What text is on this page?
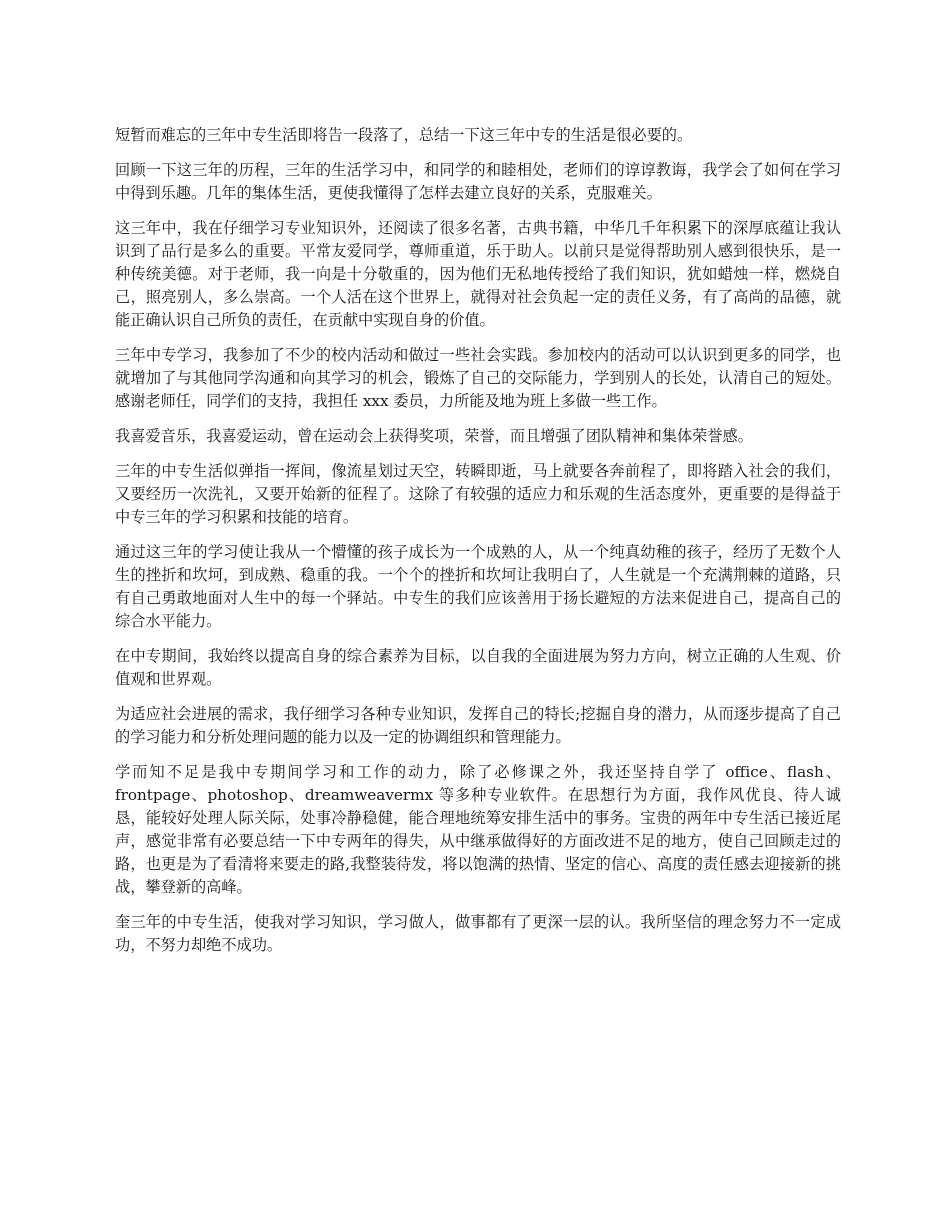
短暂而难忘的三年中专生活即将告一段落了，总结一下这三年中专的生活是很必要的。

回顾一下这三年的历程，三年的生活学习中，和同学的和睦相处，老师们的谆谆教诲，我学会了如何在学习中得到乐趣。几年的集体生活，更使我懂得了怎样去建立良好的关系，克服难关。

这三年中，我在仔细学习专业知识外，还阅读了很多名著，古典书籍，中华几千年积累下的深厚底蕴让我认识到了品行是多么的重要。平常友爱同学，尊师重道，乐于助人。以前只是觉得帮助别人感到很快乐，是一种传统美德。对于老师，我一向是十分敬重的，因为他们无私地传授给了我们知识，犹如蜡烛一样，燃烧自己，照亮别人，多么崇高。一个人活在这个世界上，就得对社会负起一定的责任义务，有了高尚的品德，就能正确认识自己所负的责任，在贡献中实现自身的价值。

三年中专学习，我参加了不少的校内活动和做过一些社会实践。参加校内的活动可以认识到更多的同学，也就增加了与其他同学沟通和向其学习的机会，锻炼了自己的交际能力，学到别人的长处，认清自己的短处。感谢老师任，同学们的支持，我担任 xxx 委员，力所能及地为班上多做一些工作。

我喜爱音乐，我喜爱运动，曾在运动会上获得奖项，荣誉，而且增强了团队精神和集体荣誉感。

三年的中专生活似弹指一挥间，像流星划过天空，转瞬即逝，马上就要各奔前程了，即将踏入社会的我们，又要经历一次洗礼，又要开始新的征程了。这除了有较强的适应力和乐观的生活态度外，更重要的是得益于中专三年的学习积累和技能的培育。

通过这三年的学习使让我从一个懵懂的孩子成长为一个成熟的人，从一个纯真幼稚的孩子，经历了无数个人生的挫折和坎坷，到成熟、稳重的我。一个个的挫折和坎坷让我明白了，人生就是一个充满荆棘的道路，只有自己勇敢地面对人生中的每一个驿站。中专生的我们应该善用于扬长避短的方法来促进自己，提高自己的综合水平能力。

在中专期间，我始终以提高自身的综合素养为目标，以自我的全面进展为努力方向，树立正确的人生观、价值观和世界观。

为适应社会进展的需求，我仔细学习各种专业知识，发挥自己的特长;挖掘自身的潜力，从而逐步提高了自己的学习能力和分析处理问题的能力以及一定的协调组织和管理能力。

学而知不足是我中专期间学习和工作的动力，除了必修课之外，我还坚持自学了 office、flash、frontpage、photoshop、dreamweavermx 等多种专业软件。在思想行为方面，我作风优良、待人诚恳，能较好处理人际关际，处事冷静稳健，能合理地统筹安排生活中的事务。宝贵的两年中专生活已接近尾声，感觉非常有必要总结一下中专两年的得失，从中继承做得好的方面改进不足的地方，使自己回顾走过的路，也更是为了看清将来要走的路,我整装待发，将以饱满的热情、坚定的信心、高度的责任感去迎接新的挑战，攀登新的高峰。

奎三年的中专生活，使我对学习知识，学习做人，做事都有了更深一层的认。我所坚信的理念努力不一定成功，不努力却绝不成功。
